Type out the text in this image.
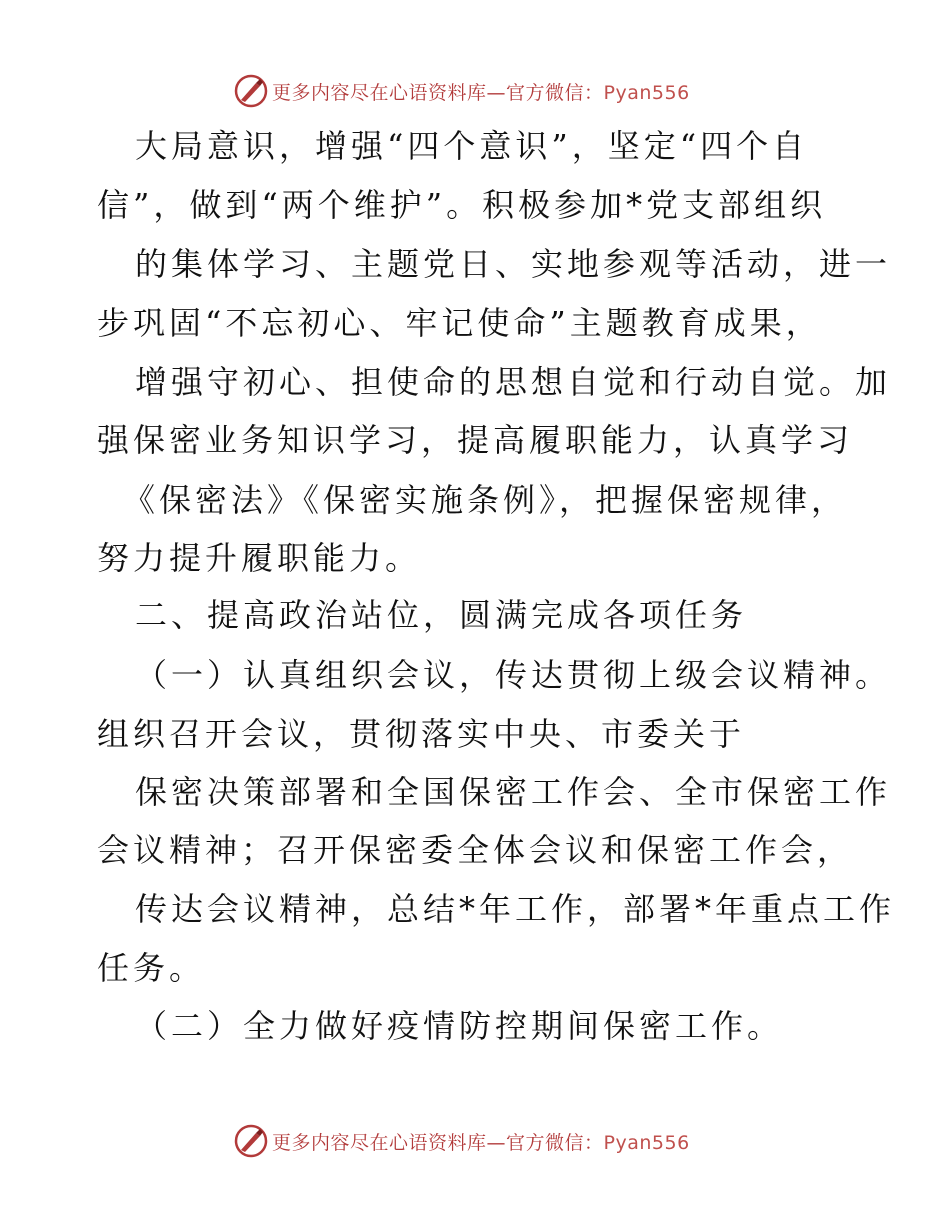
更多内容尽在心语资料库—官方微信：Pyan556
大局意识，增强“四个意识”，坚定“四个自
信”，做到“两个维护”。积极参加*党支部组织
的集体学习、主题党日、实地参观等活动，进一
步巩固“不忘初心、牢记使命”主题教育成果，
增强守初心、担使命的思想自觉和行动自觉。加
强保密业务知识学习，提高履职能力，认真学习
《保密法》《保密实施条例》，把握保密规律，
努力提升履职能力。
二、提高政治站位，圆满完成各项任务
（一）认真组织会议，传达贯彻上级会议精神。
组织召开会议，贯彻落实中央、市委关于
保密决策部署和全国保密工作会、全市保密工作
会议精神；召开保密委全体会议和保密工作会，
传达会议精神，总结*年工作，部署*年重点工作
任务。
（二）全力做好疫情防控期间保密工作。
更多内容尽在心语资料库—官方微信：Pyan556
